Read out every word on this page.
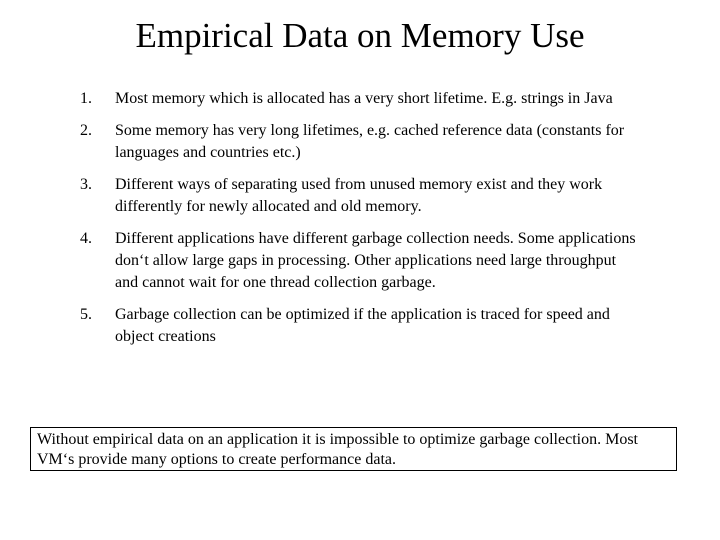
Empirical Data on Memory Use
1.	Most memory which is allocated has a very short lifetime. E.g. strings in Java
2.	Some memory has very long lifetimes, e.g. cached reference data (constants for languages and countries etc.)
3.	Different ways of separating used from unused memory exist and they work differently for newly allocated and old memory.
4.	Different applications have different garbage collection needs. Some applications don‘t allow large gaps in processing. Other applications need large throughput and cannot wait for one thread collection garbage.
5.	Garbage collection can be optimized if the application is traced for speed and object creations
Without empirical data on an application it is impossible to optimize garbage collection. Most VM‘s provide many options to create performance data.
